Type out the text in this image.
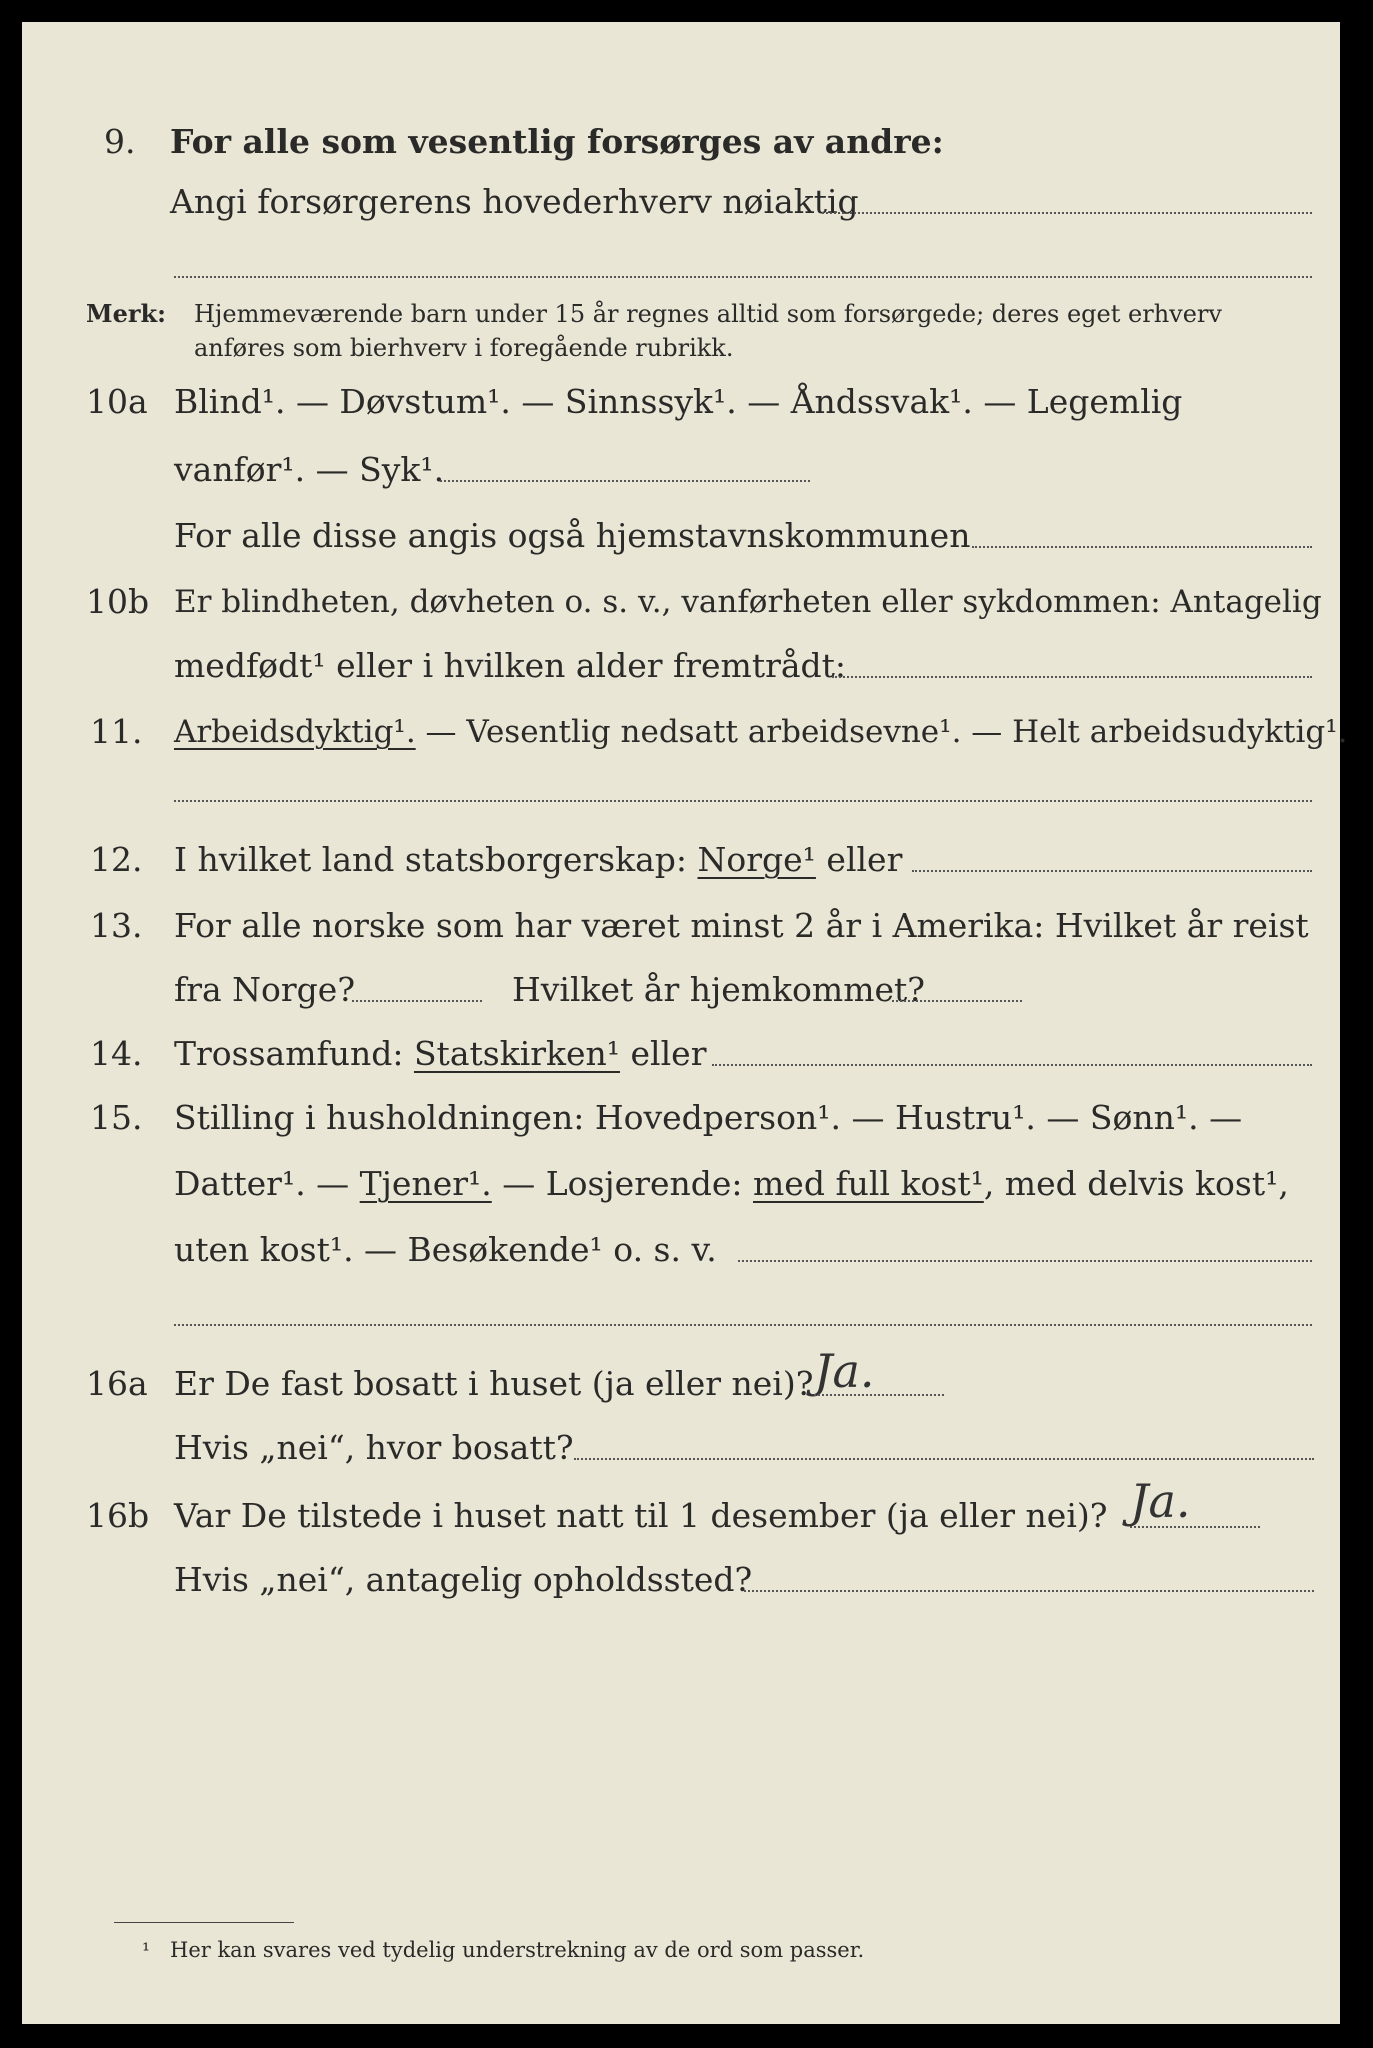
9. For alle som vesentlig forsørges av andre:
Angi forsørgerens hovederhverv nøiaktig
Merk: Hjemmeværende barn under 15 år regnes alltid som forsørgede; deres eget erhverv
anføres som bierhverv i foregående rubrikk.
10a Blind¹. — Døvstum¹. — Sinnssyk¹. — Åndssvak¹. — Legemlig
vanfør¹. — Syk¹.
For alle disse angis også hjemstavnskommunen
10b Er blindheten, døvheten o. s. v., vanførheten eller sykdommen: Antagelig
medfødt¹ eller i hvilken alder fremtrådt:
11. Arbeidsdyktig¹. — Vesentlig nedsatt arbeidsevne¹. — Helt arbeidsudyktig¹.
12. I hvilket land statsborgerskap: Norge¹ eller
13. For alle norske som har været minst 2 år i Amerika: Hvilket år reist
fra Norge?	Hvilket år hjemkommet?
14. Trossamfund: Statskirken¹ eller
15. Stilling i husholdningen: Hovedperson¹. — Hustru¹. — Sønn¹. —
Datter¹. — Tjener¹. — Losjerende: med full kost¹, med delvis kost¹,
uten kost¹. — Besøkende¹ o. s. v.
16a Er De fast bosatt i huset (ja eller nei)? Ja.
Hvis „nei“, hvor bosatt?
16b Var De tilstede i huset natt til 1 desember (ja eller nei)? Ja.
Hvis „nei“, antagelig opholdssted?
¹ Her kan svares ved tydelig understrekning av de ord som passer.
